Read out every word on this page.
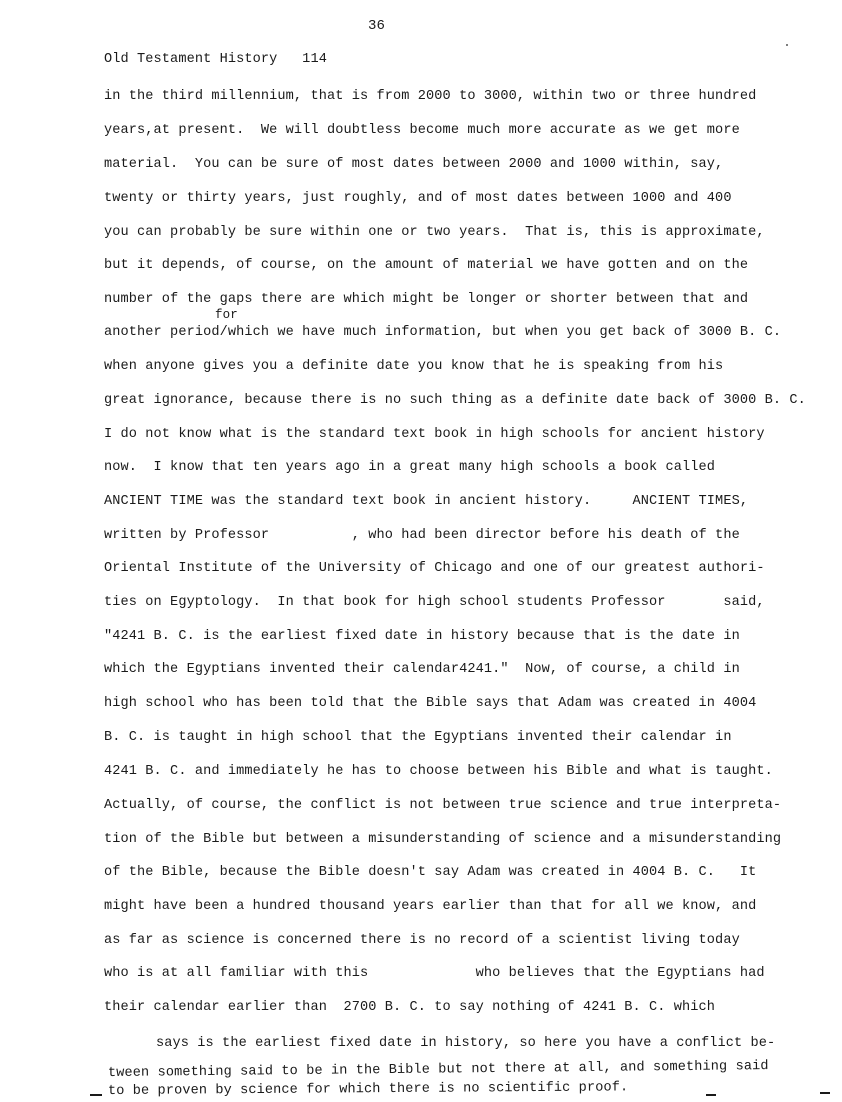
36
Old Testament History   114
in the third millennium, that is from 2000 to 3000, within two or three hundred
years,at present.  We will doubtless become much more accurate as we get more
material.  You can be sure of most dates between 2000 and 1000 within, say,
twenty or thirty years, just roughly, and of most dates between 1000 and 400
you can probably be sure within one or two years.  That is, this is approximate,
but it depends, of course, on the amount of material we have gotten and on the
number of the gaps there are which might be longer or shorter between that and
for
another period/which we have much information, but when you get back of 3000 B. C.
when anyone gives you a definite date you know that he is speaking from his
great ignorance, because there is no such thing as a definite date back of 3000 B. C.
I do not know what is the standard text book in high schools for ancient history
now.  I know that ten years ago in a great many high schools a book called
ANCIENT TIME was the standard text book in ancient history.     ANCIENT TIMES,
written by Professor          , who had been director before his death of the
Oriental Institute of the University of Chicago and one of our greatest authori-
ties on Egyptology.  In that book for high school students Professor       said,
"4241 B. C. is the earliest fixed date in history because that is the date in
which the Egyptians invented their calendar4241."  Now, of course, a child in
high school who has been told that the Bible says that Adam was created in 4004
B. C. is taught in high school that the Egyptians invented their calendar in
4241 B. C. and immediately he has to choose between his Bible and what is taught.
Actually, of course, the conflict is not between true science and true interpreta-
tion of the Bible but between a misunderstanding of science and a misunderstanding
of the Bible, because the Bible doesn't say Adam was created in 4004 B. C.   It
might have been a hundred thousand years earlier than that for all we know, and
as far as science is concerned there is no record of a scientist living today
who is at all familiar with this             who believes that the Egyptians had
their calendar earlier than  2700 B. C. to say nothing of 4241 B. C. which
says is the earliest fixed date in history, so here you have a conflict be-
tween something said to be in the Bible but not there at all, and something said
to be proven by science for which there is no scientific proof.
